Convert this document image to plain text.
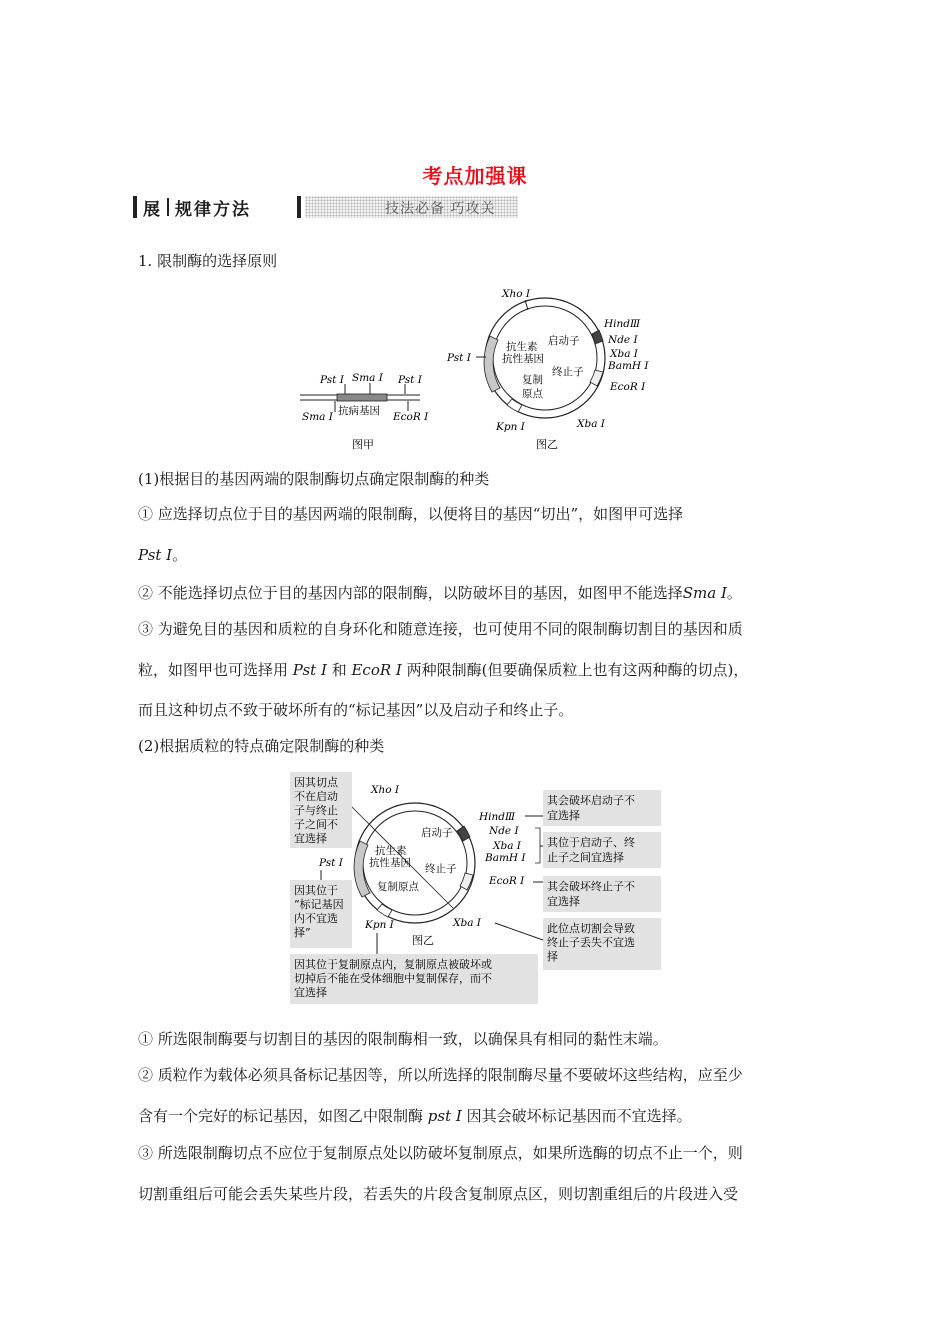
考点加强课
展 规律方法	技法必备 巧攻关
1. 限制酶的选择原则
Pst Ⅰ Sma Ⅰ Pst Ⅰ
Sma Ⅰ 抗病基因 EcoR Ⅰ
图甲
Xho Ⅰ
HindⅢ
Nde Ⅰ
Xba Ⅰ
BamH Ⅰ
EcoR Ⅰ
Xba Ⅰ
Kpn Ⅰ
Pst Ⅰ
抗生素
抗性基因
启动子
终止子
复制
原点
图乙
(1)根据目的基因两端的限制酶切点确定限制酶的种类
① 应选择切点位于目的基因两端的限制酶，以便将目的基因“切出”，如图甲可选择
Pst Ⅰ。
② 不能选择切点位于目的基因内部的限制酶，以防破坏目的基因，如图甲不能选择Sma Ⅰ。
③ 为避免目的基因和质粒的自身环化和随意连接，也可使用不同的限制酶切割目的基因和质
粒，如图甲也可选择用 Pst Ⅰ 和 EcoR Ⅰ 两种限制酶(但要确保质粒上也有这两种酶的切点)，
而且这种切点不致于破坏所有的“标记基因”以及启动子和终止子。
(2)根据质粒的特点确定限制酶的种类
Xho Ⅰ
HindⅢ
Nde Ⅰ
Xba Ⅰ
BamH Ⅰ
EcoR Ⅰ
Xba Ⅰ
Kpn Ⅰ
Pst Ⅰ
抗生素
抗性基因
启动子
终止子
复制原点
图乙
因其切点
不在启动
子与终止
子之间不
宜选择
因其位于
“标记基因
内不宜选
择”
因其位于复制原点内，复制原点被破坏或
切掉后不能在受体细胞中复制保存，而不
宜选择
其会破坏启动子不
宜选择
其位于启动子、终
止子之间宜选择
其会破坏终止子不
宜选择
此位点切割会导致
终止子丢失不宜选
择
① 所选限制酶要与切割目的基因的限制酶相一致，以确保具有相同的黏性末端。
② 质粒作为载体必须具备标记基因等，所以所选择的限制酶尽量不要破坏这些结构，应至少
含有一个完好的标记基因，如图乙中限制酶 pst Ⅰ 因其会破坏标记基因而不宜选择。
③ 所选限制酶切点不应位于复制原点处以防破坏复制原点，如果所选酶的切点不止一个，则
切割重组后可能会丢失某些片段，若丢失的片段含复制原点区，则切割重组后的片段进入受
